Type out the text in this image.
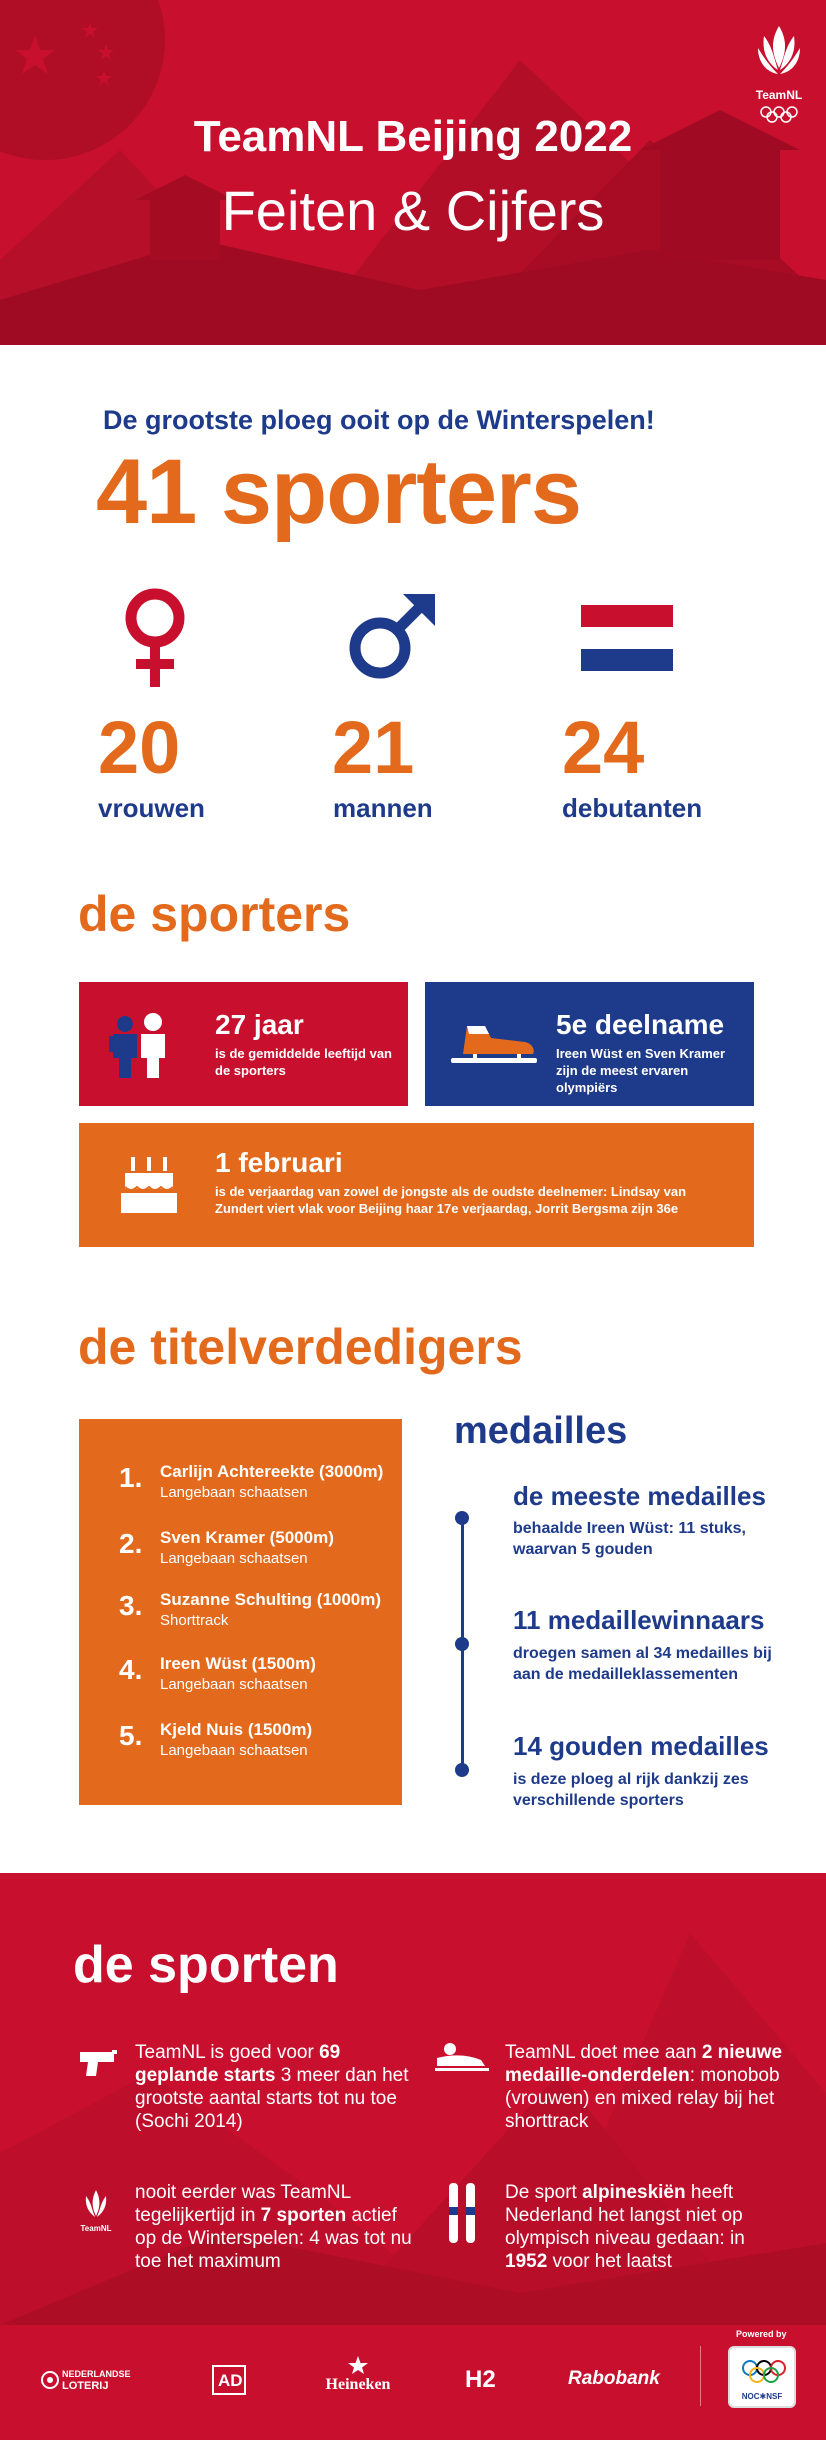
TeamNL
TeamNL Beijing 2022
Feiten & Cijfers
De grootste ploeg ooit op de Winterspelen!
41 sporters
20 21 24
vrouwen	mannen	debutanten
de sporters
27 jaar
is de gemiddelde leeftijd van de sporters
5e deelname
Ireen Wüst en Sven Kramer zijn de meest ervaren olympiërs
1 februari
is de verjaardag van zowel de jongste als de oudste deelnemer: Lindsay van Zundert viert vlak voor Beijing haar 17e verjaardag, Jorrit Bergsma zijn 36e
de titelverdedigers
1. Carlijn Achtereekte (3000m)
Langebaan schaatsen
2. Sven Kramer (5000m)
Langebaan schaatsen
3. Suzanne Schulting (1000m)
Shorttrack
4. Ireen Wüst (1500m)
Langebaan schaatsen
5. Kjeld Nuis (1500m)
Langebaan schaatsen
medailles
de meeste medailles
behaalde Ireen Wüst: 11 stuks,
waarvan 5 gouden
11 medaillewinnaars
droegen samen al 34 medailles bij
aan de medailleklassementen
14 gouden medailles
is deze ploeg al rijk dankzij zes
verschillende sporters
de sporten
TeamNL is goed voor 69 geplande starts 3 meer dan het grootste aantal starts tot nu toe (Sochi 2014)
TeamNL doet mee aan 2 nieuwe medaille-onderdelen: monobob (vrouwen) en mixed relay bij het shorttrack
TeamNL
nooit eerder was TeamNL tegelijkertijd in 7 sporten actief op de Winterspelen: 4 was tot nu toe het maximum
De sport alpineskiën heeft Nederland het langst niet op olympisch niveau gedaan: in 1952 voor het laatst
NEDERLANDSE
LOTERIJ	AD	Heineken	H2	Rabobank
Powered by
NOC✱NSF
